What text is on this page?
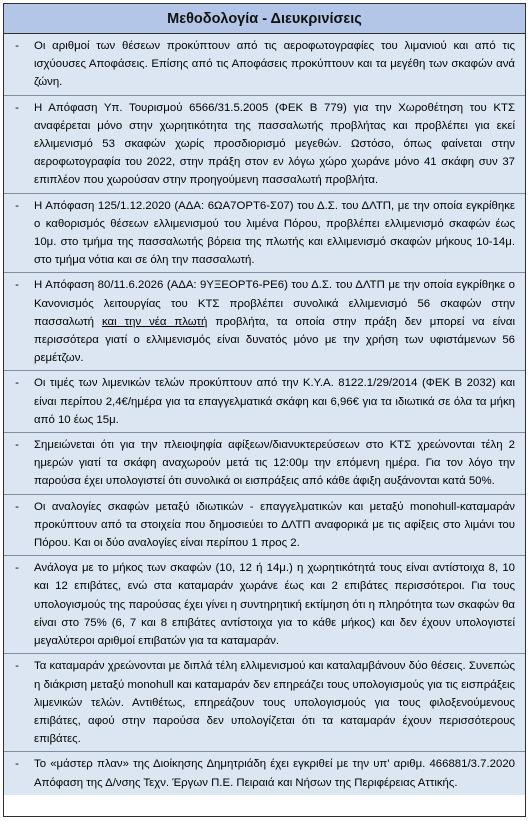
Μεθοδολογία - Διευκρινίσεις
-	Οι αριθμοί των θέσεων προκύπτουν από τις αεροφωτογραφίες του λιμανιού και από τις ισχύουσες Αποφάσεις. Επίσης από τις Αποφάσεις προκύπτουν και τα μεγέθη των σκαφών ανά ζώνη.
-	Η Απόφαση Υπ. Τουρισμού 6566/31.5.2005 (ΦΕΚ Β 779) για την Χωροθέτηση του ΚΤΣ αναφέρεται μόνο στην χωρητικότητα της πασσαλωτής προβλήτας και προβλέπει για εκεί ελλιμενισμό 53 σκαφών χωρίς προσδιορισμό μεγεθών. Ωστόσο, όπως φαίνεται στην αεροφωτογραφία του 2022, στην πράξη στον εν λόγω χώρο χωράνε μόνο 41 σκάφη συν 37 επιπλέον που χωρούσαν στην προηγούμενη πασσαλωτή προβλήτα.
-	Η Απόφαση 125/1.12.2020 (ΑΔΑ: 6ΩΑ7ΟΡΤ6-Σ07) του Δ.Σ. του ΔΛΤΠ, με την οποία εγκρίθηκε ο καθορισμός θέσεων ελλιμενισμού του λιμένα Πόρου, προβλέπει ελλιμενισμό σκαφών έως 10μ. στο τμήμα της πασσαλωτής βόρεια της πλωτής και ελλιμενισμό σκαφών μήκους 10-14μ. στο τμήμα νότια και σε όλη την πασσαλωτή.
-	Η Απόφαση 80/11.6.2026 (ΑΔΑ: 9ΥΞΕΟΡΤ6-ΡΕ6) του Δ.Σ. του ΔΛΤΠ με την οποία εγκρίθηκε ο Κανονισμός λειτουργίας του ΚΤΣ προβλέπει συνολικά ελλιμενισμό 56 σκαφών στην πασσαλωτή και την νέα πλωτή προβλήτα, τα οποία στην πράξη δεν μπορεί να είναι περισσότερα γιατί ο ελλιμενισμός είναι δυνατός μόνο με την χρήση των υφιστάμενων 56 ρεμέτζων.
-	Οι τιμές των λιμενικών τελών προκύπτουν από την Κ.Υ.Α. 8122.1/29/2014 (ΦΕΚ Β 2032) και είναι περίπου 2,4€/ημέρα για τα επαγγελματικά σκάφη και 6,96€ για τα ιδιωτικά σε όλα τα μήκη από 10 έως 15μ.
-	Σημειώνεται ότι για την πλειοψηφία αφίξεων/διανυκτερεύσεων στο ΚΤΣ χρεώνονται τέλη 2 ημερών γιατί τα σκάφη αναχωρούν μετά τις 12:00μ την επόμενη ημέρα. Για τον λόγο την παρούσα έχει υπολογιστεί ότι συνολικά οι εισπράξεις από κάθε άφιξη αυξάνονται κατά 50%.
-	Οι αναλογίες σκαφών μεταξύ ιδιωτικών - επαγγελματικών και μεταξύ monohull-καταμαράν προκύπτουν από τα στοιχεία που δημοσιεύει το ΔΛΤΠ αναφορικά με τις αφίξεις στο λιμάνι του Πόρου. Και οι δύο αναλογίες είναι περίπου 1 προς 2.
-	Ανάλογα με το μήκος των σκαφών (10, 12 ή 14μ.) η χωρητικότητά τους είναι αντίστοιχα 8, 10 και 12 επιβάτες, ενώ στα καταμαράν χωράνε έως και 2 επιβάτες περισσότεροι. Για τους υπολογισμούς της παρούσας έχει γίνει η συντηρητική εκτίμηση ότι η πληρότητα των σκαφών θα είναι στο 75% (6, 7 και 8 επιβάτες αντίστοιχα για το κάθε μήκος) και δεν έχουν υπολογιστεί μεγαλύτεροι αριθμοί επιβατών για τα καταμαράν.
-	Τα καταμαράν χρεώνονται με διπλά τέλη ελλιμενισμού και καταλαμβάνουν δύο θέσεις. Συνεπώς η διάκριση μεταξύ monohull και καταμαράν δεν επηρεάζει τους υπολογισμούς για τις εισπράξεις λιμενικών τελών. Αντιθέτως, επηρεάζουν τους υπολογισμούς για τους φιλοξενούμενους επιβάτες, αφού στην παρούσα δεν υπολογίζεται ότι τα καταμαράν έχουν περισσότερους επιβάτες.
-	Το «μάστερ πλαν» της Διοίκησης Δημητριάδη έχει εγκριθεί με την υπ' αριθμ. 466881/3.7.2020 Απόφαση της Δ/νσης Τεχν. Έργων Π.Ε. Πειραιά και Νήσων της Περιφέρειας Αττικής.
